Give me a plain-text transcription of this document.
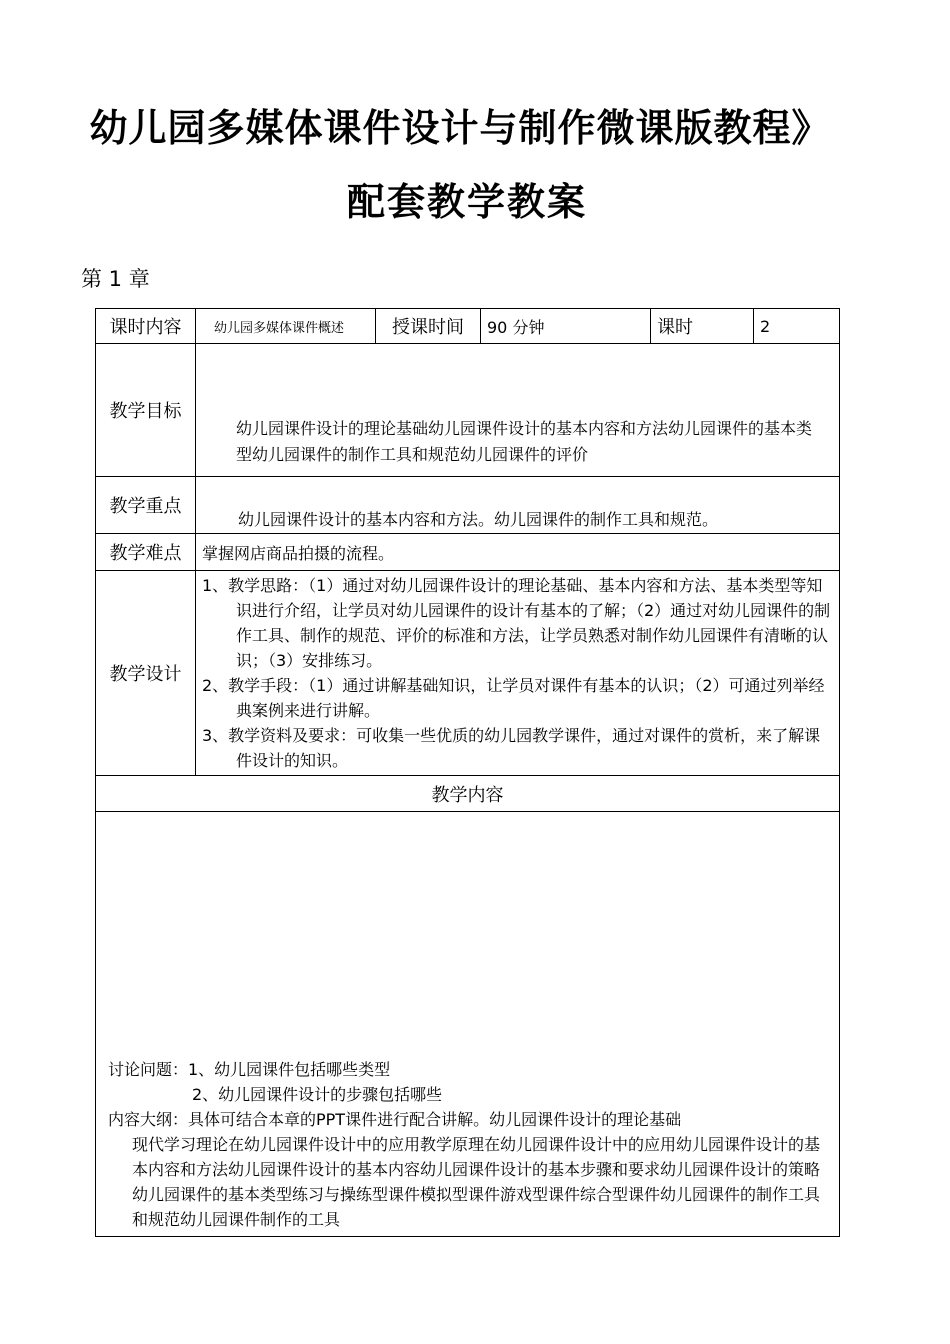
幼儿园多媒体课件设计与制作微课版教程》
配套教学教案
第 1 章
课时内容	幼儿园多媒体课件概述	授课时间	90 分钟	课时	2
教学目标	幼儿园课件设计的理论基础幼儿园课件设计的基本内容和方法幼儿园课件的基本类型幼儿园课件的制作工具和规范幼儿园课件的评价				
教学重点	幼儿园课件设计的基本内容和方法。幼儿园课件的制作工具和规范。				
教学难点	掌握网店商品拍摄的流程。				
教学设计	1、教学思路：（1）通过对幼儿园课件设计的理论基础、基本内容和方法、基本类型等知识进行介绍，让学员对幼儿园课件的设计有基本的了解；（2）通过对幼儿园课件的制作工具、制作的规范、评价的标准和方法，让学员熟悉对制作幼儿园课件有清晰的认识；（3）安排练习。
2、教学手段：（1）通过讲解基础知识，让学员对课件有基本的认识；（2）可通过列举经典案例来进行讲解。
3、教学资料及要求：可收集一些优质的幼儿园教学课件，通过对课件的赏析，来了解课件设计的知识。				

教学内容					

讨论问题：1、幼儿园课件包括哪些类型
2、幼儿园课件设计的步骤包括哪些
内容大纲：具体可结合本章的PPT课件进行配合讲解。幼儿园课件设计的理论基础
现代学习理论在幼儿园课件设计中的应用教学原理在幼儿园课件设计中的应用幼儿园课件设计的基本内容和方法幼儿园课件设计的基本内容幼儿园课件设计的基本步骤和要求幼儿园课件设计的策略幼儿园课件的基本类型练习与操练型课件模拟型课件游戏型课件综合型课件幼儿园课件的制作工具和规范幼儿园课件制作的工具					
